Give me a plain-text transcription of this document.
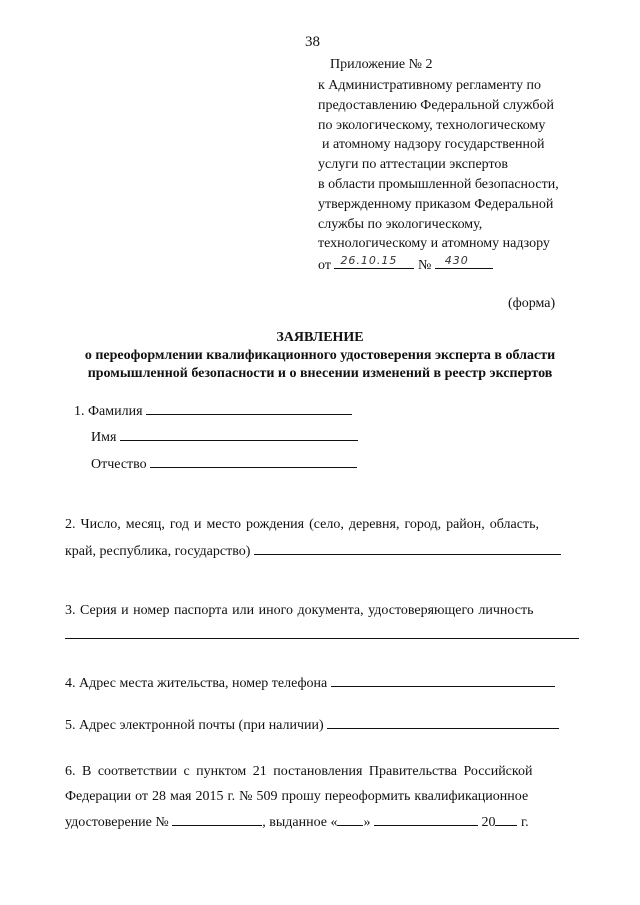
38
Приложение № 2
к Административному регламенту по
предоставлению Федеральной службой
по экологическому, технологическому
и атомному надзору государственной
услуги по аттестации экспертов
в области промышленной безопасности,
утвержденному приказом Федеральной
службы по экологическому,
технологическому и атомному надзору
от 26.10.15 № 430
(форма)
ЗАЯВЛЕНИЕ
о переоформлении квалификационного удостоверения эксперта в области
промышленной безопасности и о внесении изменений в реестр экспертов
1. Фамилия
Имя
Отчество
2. Число, месяц, год и место рождения (село, деревня, город, район, область,
край, республика, государство)
3. Серия и номер паспорта или иного документа, удостоверяющего личность
4. Адрес места жительства, номер телефона
5. Адрес электронной почты (при наличии)
6. В соответствии с пунктом 21 постановления Правительства Российской
Федерации от 28 мая 2015 г. № 509 прошу переоформить квалификационное
удостоверение №	, выданное « »	20 г.
